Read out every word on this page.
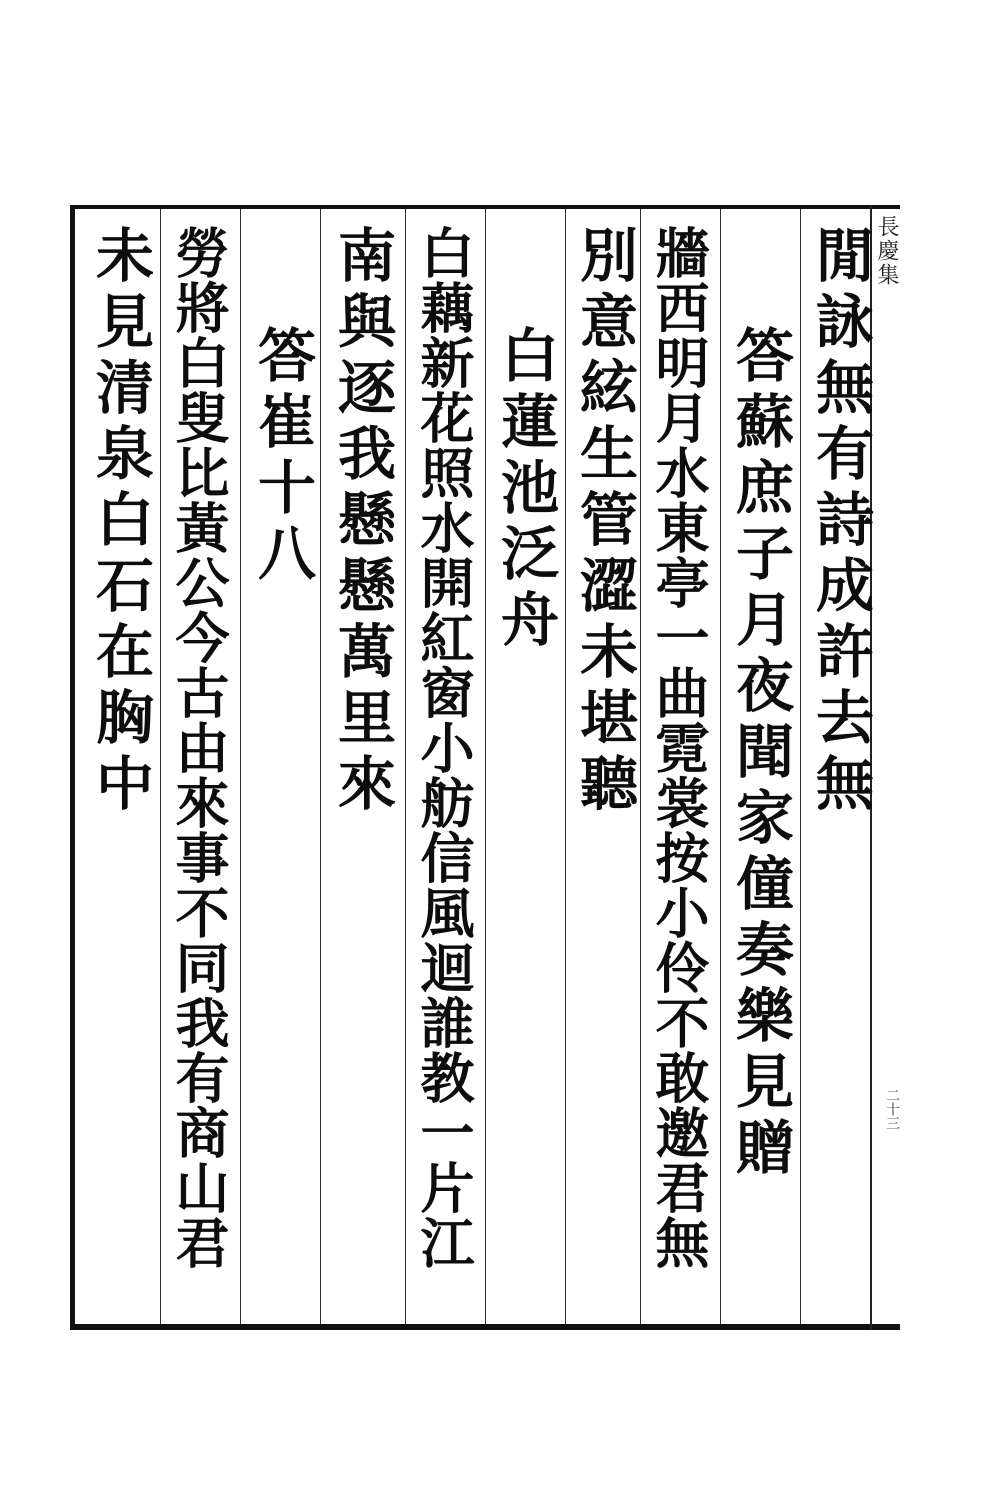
長慶集
二十三
閒詠無有詩成許去無
答蘇庶子月夜聞家僮奏樂見贈
牆西明月水東亭一曲霓裳按小伶不敢邀君無
別意絃生管澀未堪聽
白蓮池泛舟
白藕新花照水開紅窗小舫信風迴誰教一片江
南與逐我懸懸萬里來
答崔十八
勞將白叟比黃公今古由來事不同我有商山君
未見清泉白石在胸中
